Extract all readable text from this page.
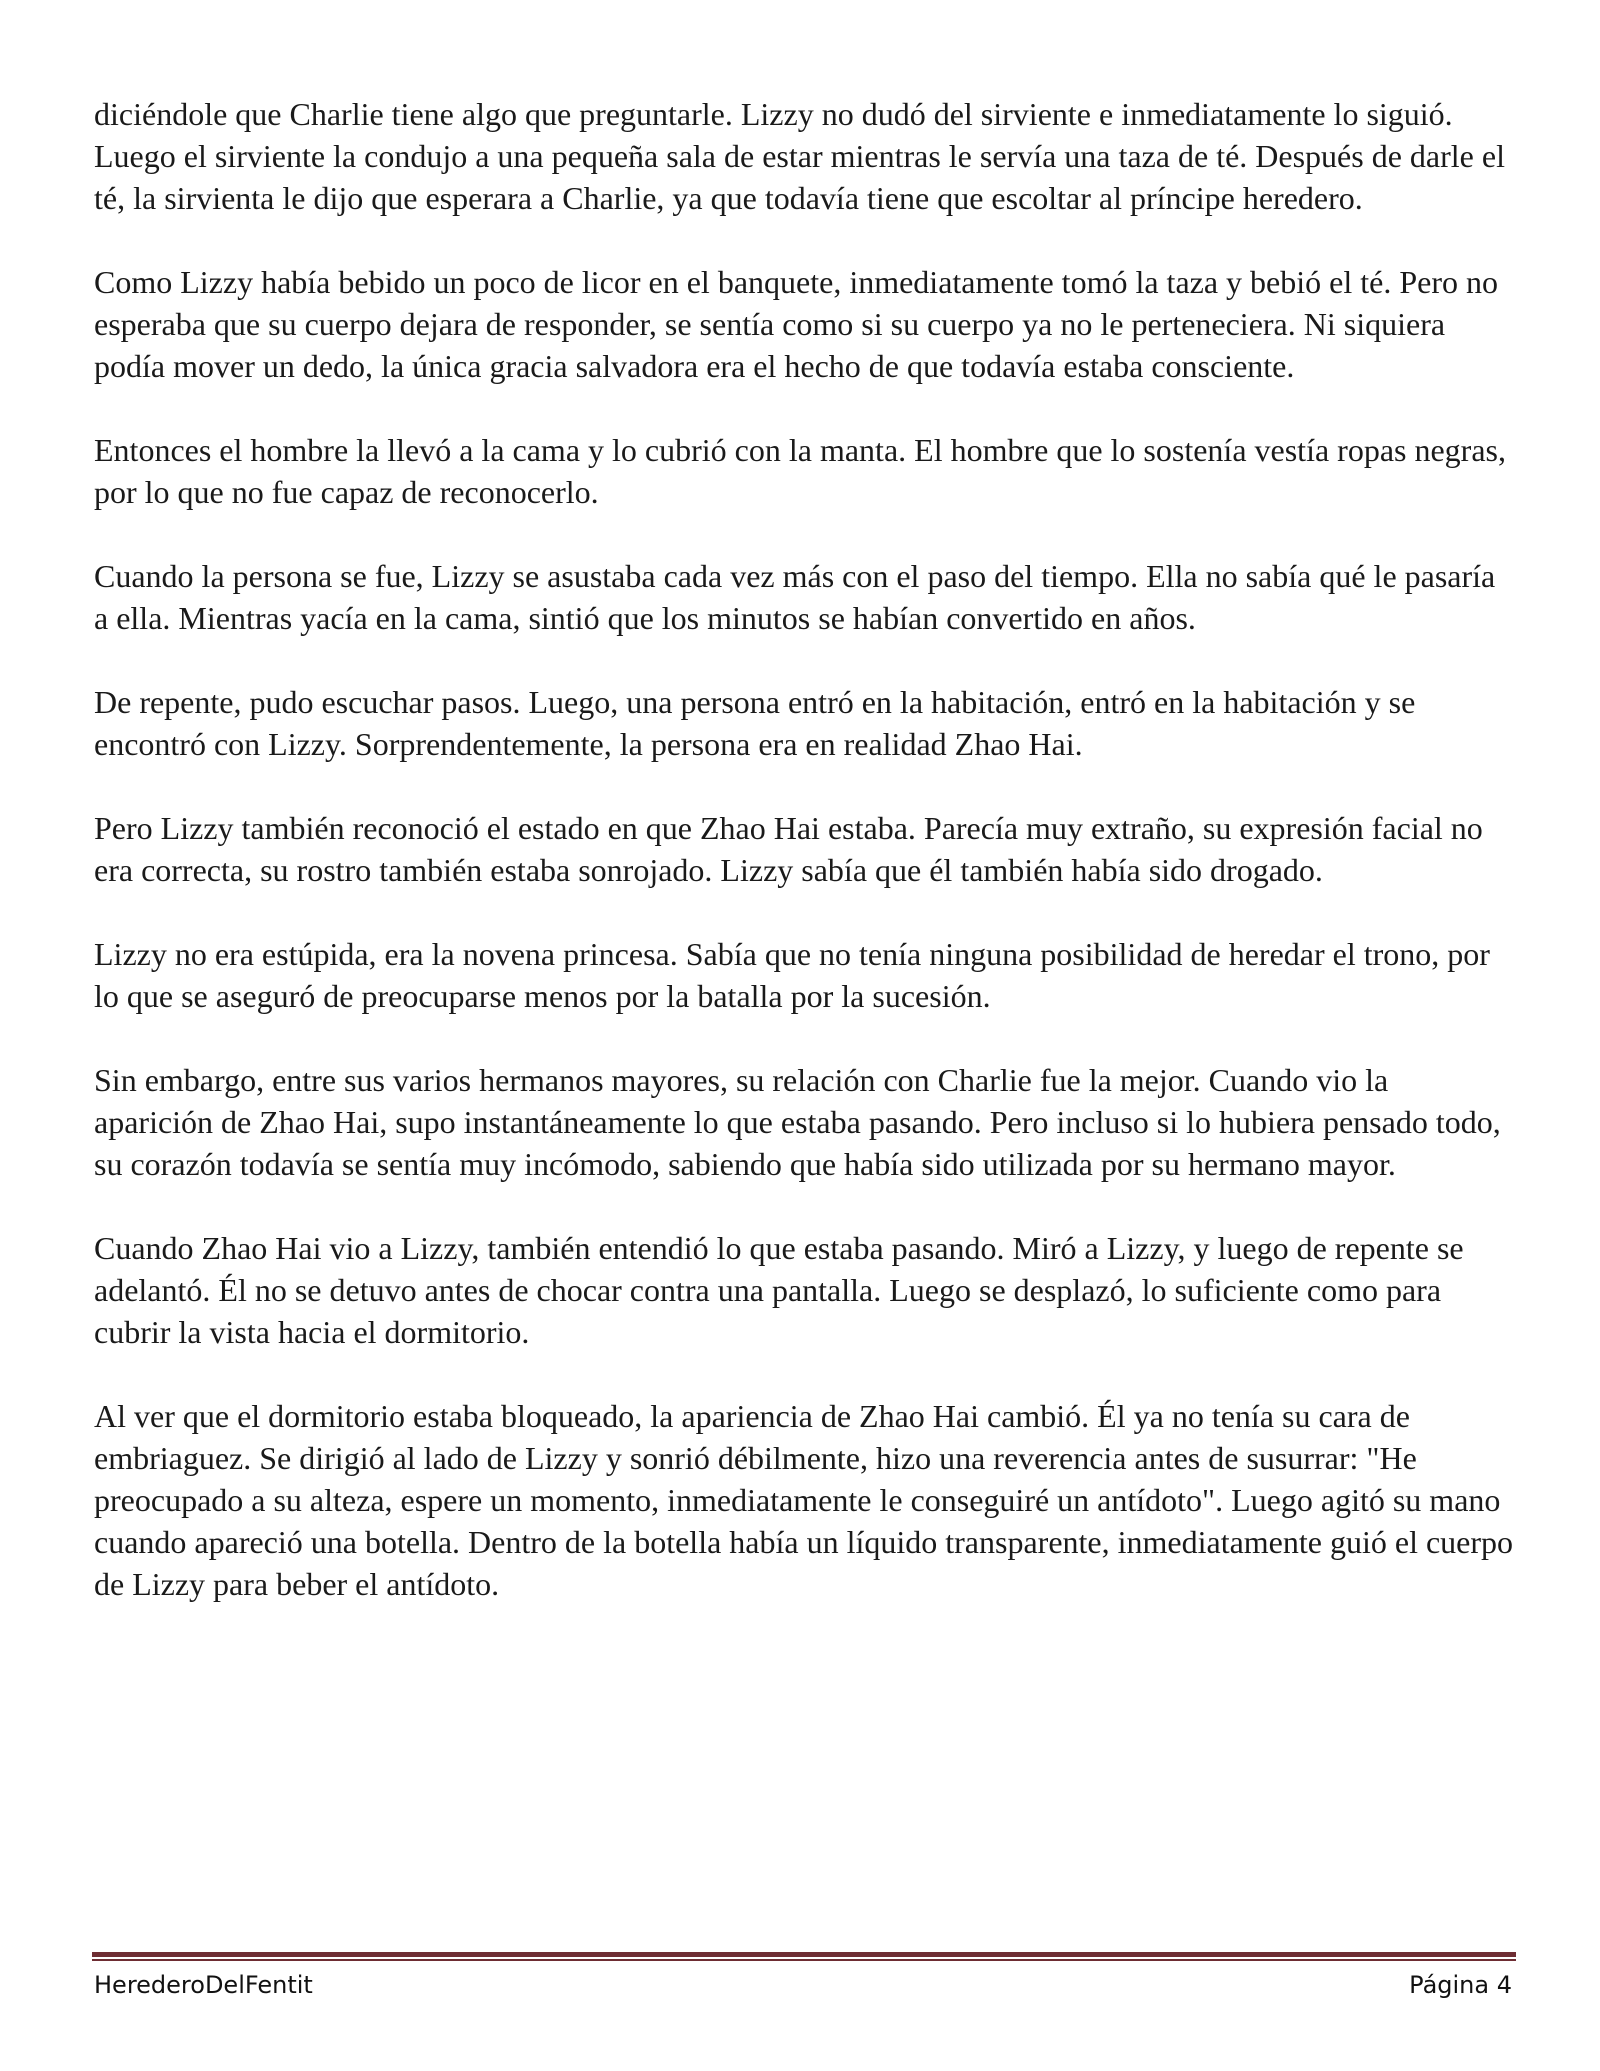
diciéndole que Charlie tiene algo que preguntarle. Lizzy no dudó del sirviente e inmediatamente lo siguió. Luego el sirviente la condujo a una pequeña sala de estar mientras le servía una taza de té. Después de darle el té, la sirvienta le dijo que esperara a Charlie, ya que todavía tiene que escoltar al príncipe heredero.

Como Lizzy había bebido un poco de licor en el banquete, inmediatamente tomó la taza y bebió el té. Pero no esperaba que su cuerpo dejara de responder, se sentía como si su cuerpo ya no le perteneciera. Ni siquiera podía mover un dedo, la única gracia salvadora era el hecho de que todavía estaba consciente.

Entonces el hombre la llevó a la cama y lo cubrió con la manta. El hombre que lo sostenía vestía ropas negras, por lo que no fue capaz de reconocerlo.

Cuando la persona se fue, Lizzy se asustaba cada vez más con el paso del tiempo. Ella no sabía qué le pasaría a ella. Mientras yacía en la cama, sintió que los minutos se habían convertido en años.

De repente, pudo escuchar pasos. Luego, una persona entró en la habitación, entró en la habitación y se encontró con Lizzy. Sorprendentemente, la persona era en realidad Zhao Hai.

Pero Lizzy también reconoció el estado en que Zhao Hai estaba. Parecía muy extraño, su expresión facial no era correcta, su rostro también estaba sonrojado. Lizzy sabía que él también había sido drogado.

Lizzy no era estúpida, era la novena princesa. Sabía que no tenía ninguna posibilidad de heredar el trono, por lo que se aseguró de preocuparse menos por la batalla por la sucesión.

Sin embargo, entre sus varios hermanos mayores, su relación con Charlie fue la mejor. Cuando vio la aparición de Zhao Hai, supo instantáneamente lo que estaba pasando. Pero incluso si lo hubiera pensado todo, su corazón todavía se sentía muy incómodo, sabiendo que había sido utilizada por su hermano mayor.

Cuando Zhao Hai vio a Lizzy, también entendió lo que estaba pasando. Miró a Lizzy, y luego de repente se adelantó. Él no se detuvo antes de chocar contra una pantalla. Luego se desplazó, lo suficiente como para cubrir la vista hacia el dormitorio.

Al ver que el dormitorio estaba bloqueado, la apariencia de Zhao Hai cambió. Él ya no tenía su cara de embriaguez. Se dirigió al lado de Lizzy y sonrió débilmente, hizo una reverencia antes de susurrar: "He preocupado a su alteza, espere un momento, inmediatamente le conseguiré un antídoto". Luego agitó su mano cuando apareció una botella. Dentro de la botella había un líquido transparente, inmediatamente guió el cuerpo de Lizzy para beber el antídoto.

HerederoDelFentit	Página 4
